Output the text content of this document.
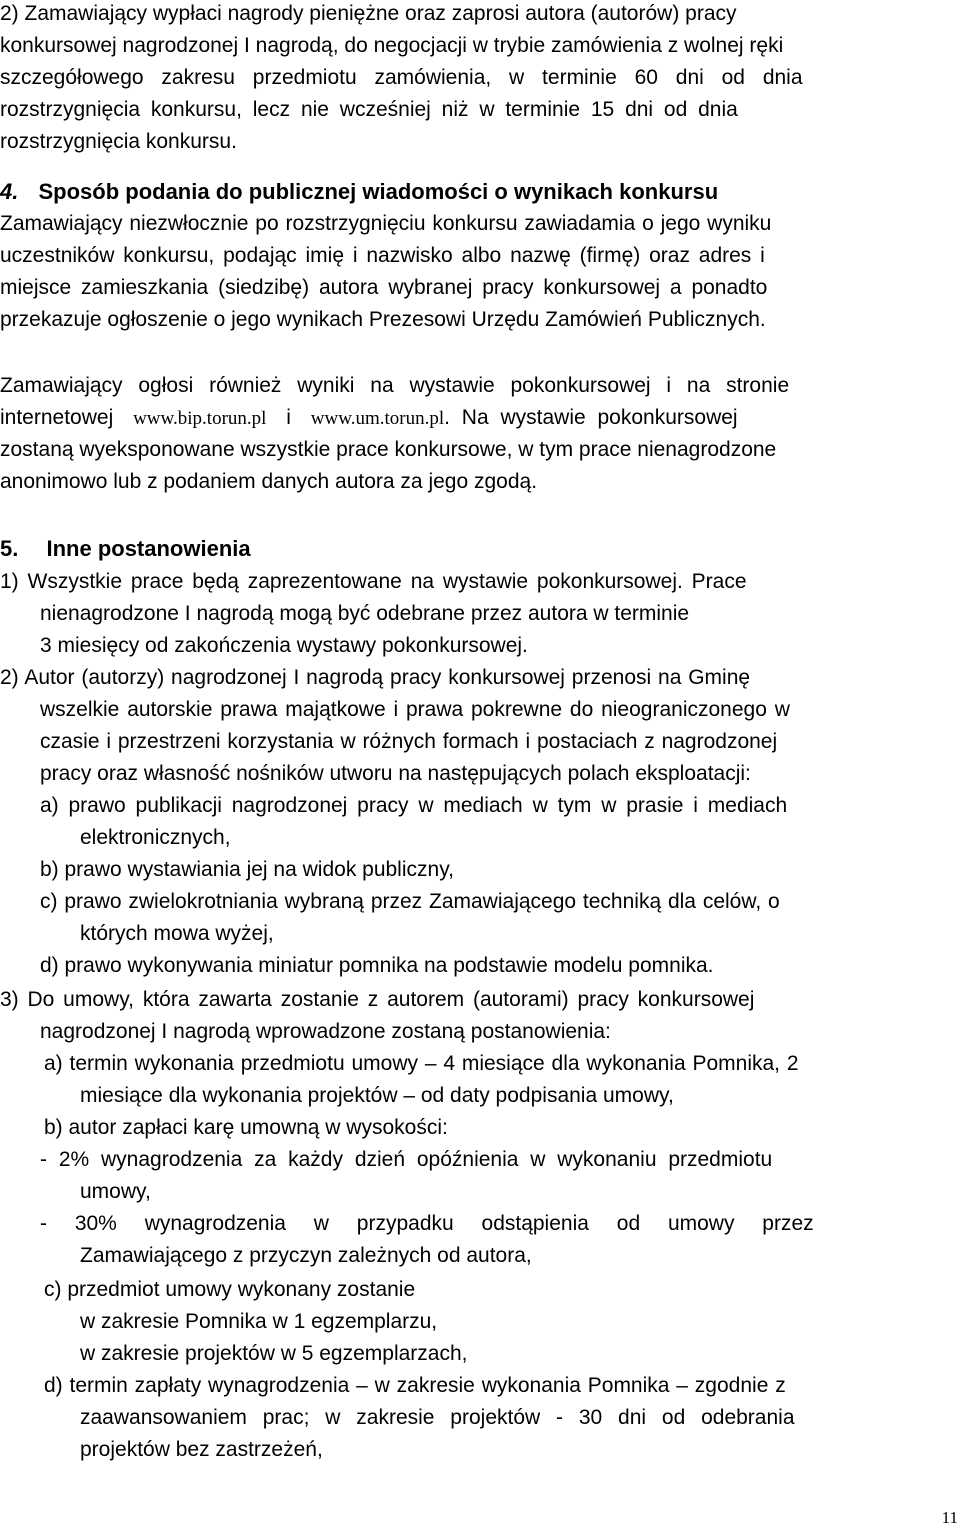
2) Zamawiający wypłaci nagrody pieniężne oraz zaprosi autora (autorów) pracy
konkursowej nagrodzonej I nagrodą, do negocjacji w trybie zamówienia z wolnej ręki
szczegółowego zakresu przedmiotu zamówienia, w terminie 60 dni od dnia
rozstrzygnięcia konkursu, lecz nie wcześniej niż w terminie 15 dni od dnia
rozstrzygnięcia konkursu.
4. Sposób podania do publicznej wiadomości o wynikach konkursu
Zamawiający niezwłocznie po rozstrzygnięciu konkursu zawiadamia o jego wyniku
uczestników konkursu, podając imię i nazwisko albo nazwę (firmę) oraz adres i
miejsce zamieszkania (siedzibę) autora wybranej pracy konkursowej a ponadto
przekazuje ogłoszenie o jego wynikach Prezesowi Urzędu Zamówień Publicznych.
Zamawiający ogłosi również wyniki na wystawie pokonkursowej i na stronie
internetowej www.bip.torun.pl i www.um.torun.pl. Na wystawie pokonkursowej
zostaną wyeksponowane wszystkie prace konkursowe, w tym prace nienagrodzone
anonimowo lub z podaniem danych autora za jego zgodą.
5. Inne postanowienia
1) Wszystkie prace będą zaprezentowane na wystawie pokonkursowej. Prace
nienagrodzone I nagrodą mogą być odebrane przez autora w terminie
3 miesięcy od zakończenia wystawy pokonkursowej.
2) Autor (autorzy) nagrodzonej I nagrodą pracy konkursowej przenosi na Gminę
wszelkie autorskie prawa majątkowe i prawa pokrewne do nieograniczonego w
czasie i przestrzeni korzystania w różnych formach i postaciach z nagrodzonej
pracy oraz własność nośników utworu na następujących polach eksploatacji:
a) prawo publikacji nagrodzonej pracy w mediach w tym w prasie i mediach
elektronicznych,
b) prawo wystawiania jej na widok publiczny,
c) prawo zwielokrotniania wybraną przez Zamawiającego techniką dla celów, o
których mowa wyżej,
d) prawo wykonywania miniatur pomnika na podstawie modelu pomnika.
3) Do umowy, która zawarta zostanie z autorem (autorami) pracy konkursowej
nagrodzonej I nagrodą wprowadzone zostaną postanowienia:
a) termin wykonania przedmiotu umowy – 4 miesiące dla wykonania Pomnika, 2
miesiące dla wykonania projektów – od daty podpisania umowy,
b) autor zapłaci karę umowną w wysokości:
- 2% wynagrodzenia za każdy dzień opóźnienia w wykonaniu przedmiotu
umowy,
- 30% wynagrodzenia w przypadku odstąpienia od umowy przez
Zamawiającego z przyczyn zależnych od autora,
c) przedmiot umowy wykonany zostanie
w zakresie Pomnika w 1 egzemplarzu,
w zakresie projektów w 5 egzemplarzach,
d) termin zapłaty wynagrodzenia – w zakresie wykonania Pomnika – zgodnie z
zaawansowaniem prac; w zakresie projektów - 30 dni od odebrania
projektów bez zastrzeżeń,
11
